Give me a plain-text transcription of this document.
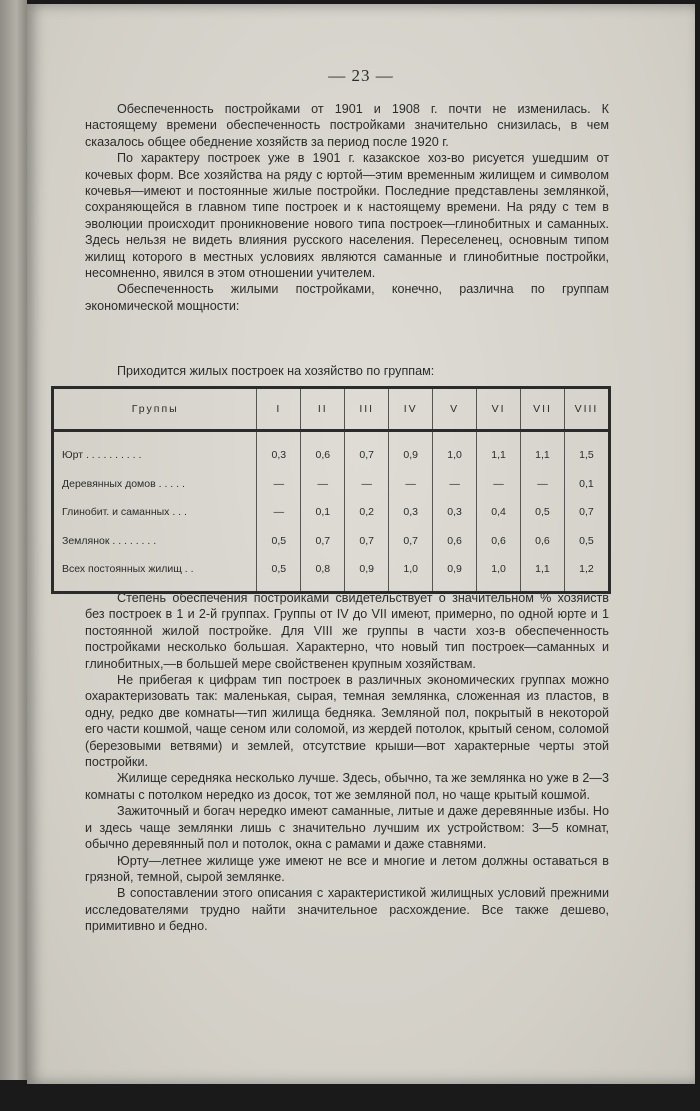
— 23 —

Обеспеченность постройками от 1901 и 1908 г. почти не изменилась. К настоящему времени обеспеченность постройками значительно снизилась, в чем сказалось общее обеднение хозяйств за период после 1920 г.

По характеру построек уже в 1901 г. казакское хоз-во рисуется ушедшим от кочевых форм. Все хозяйства на ряду с юртой—этим временным жилищем и символом кочевья—имеют и постоянные жилые постройки. Последние представлены землянкой, сохраняющейся в главном типе построек и к настоящему времени. На ряду с тем в эволюции происходит проникновение нового типа построек—глинобитных и саманных. Здесь нельзя не видеть влияния русского населения. Переселенец, основным типом жилищ которого в местных условиях являются саманные и глинобитные постройки, несомненно, явился в этом отношении учителем.

Обеспеченность жилыми постройками, конечно, различна по группам экономической мощности:

Приходится жилых построек на хозяйство по группам:
Группы	I	II	III	IV	V	VI	VII	VIII
Юрт . . . . . . . . . .	0,3	0,6	0,7	0,9	1,0	1,1	1,1	1,5
Деревянных домов . . . . .	—	—	—	—	—	—	—	0,1
Глинобит. и саманных . . .	—	0,1	0,2	0,3	0,3	0,4	0,5	0,7
Землянок . . . . . . . .	0,5	0,7	0,7	0,7	0,6	0,6	0,6	0,5
Всех постоянных жилищ . .	0,5	0,8	0,9	1,0	0,9	1,0	1,1	1,2

Степень обеспечения постройками свидетельствует о значительном % хозяйств без построек в 1 и 2-й группах. Группы от IV до VII имеют, примерно, по одной юрте и 1 постоянной жилой постройке. Для VIII же группы в части хоз-в обеспеченность постройками несколько большая. Характерно, что новый тип построек—саманных и глинобитных,—в большей мере свойственен крупным хозяйствам.

Не прибегая к цифрам тип построек в различных экономических группах можно охарактеризовать так: маленькая, сырая, темная землянка, сложенная из пластов, в одну, редко две комнаты—тип жилища бедняка. Земляной пол, покрытый в некоторой его части кошмой, чаще сеном или соломой, из жердей потолок, крытый сеном, соломой (березовыми ветвями) и землей, отсутствие крыши—вот характерные черты этой постройки.

Жилище середняка несколько лучше. Здесь, обычно, та же землянка но уже в 2—3 комнаты с потолком нередко из досок, тот же земляной пол, но чаще крытый кошмой.

Зажиточный и богач нередко имеют саманные, литые и даже деревянные избы. Но и здесь чаще землянки лишь с значительно лучшим их устройством: 3—5 комнат, обычно деревянный пол и потолок, окна с рамами и даже ставнями.

Юрту—летнее жилище уже имеют не все и многие и летом должны оставаться в грязной, темной, сырой землянке.

В сопоставлении этого описания с характеристикой жилищных условий прежними исследователями трудно найти значительное расхождение. Все также дешево, примитивно и бедно.
